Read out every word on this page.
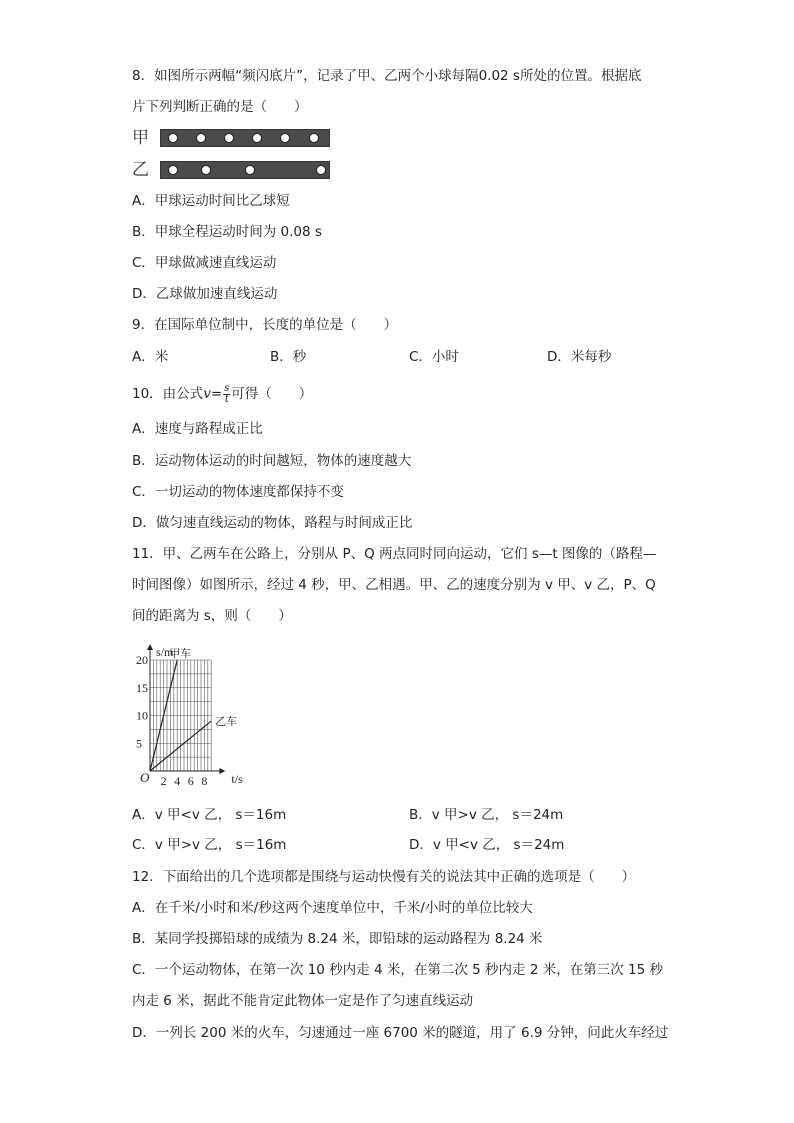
8．如图所示两幅“频闪底片”，记录了甲、乙两个小球每隔0.02 s所处的位置。根据底
片下列判断正确的是（　　）
甲
乙
A．甲球运动时间比乙球短
B．甲球全程运动时间为 0.08 s
C．甲球做减速直线运动
D．乙球做加速直线运动
9．在国际单位制中，长度的单位是（　　）
A．米	B．秒	C．小时	D．米每秒
10．由公式$v= \frac{s}{t}$ 可得（　　）
A．速度与路程成正比
B．运动物体运动的时间越短，物体的速度越大
C．一切运动的物体速度都保持不变
D．做匀速直线运动的物体，路程与时间成正比
11．甲、乙两车在公路上，分别从 P、Q 两点同时同向运动，它们 s—t 图像的（路程—
时间图像）如图所示，经过 4 秒，甲、乙相遇。甲、乙的速度分别为 v 甲、v 乙，P、Q
间的距离为 s，则（　　）
2 4 6 8
5
10
15
20
O	t/s
s/m
甲车
乙车
A．v 甲<v 乙， s＝16m	B．v 甲>v 乙， s＝24m
C．v 甲>v 乙， s＝16m	D．v 甲<v 乙， s＝24m
12．下面给出的几个选项都是围绕与运动快慢有关的说法其中正确的选项是（　　）
A．在千米/小时和米/秒这两个速度单位中，千米/小时的单位比较大
B．某同学投掷铅球的成绩为 8.24 米，即铅球的运动路程为 8.24 米
C．一个运动物体，在第一次 10 秒内走 4 米，在第二次 5 秒内走 2 米，在第三次 15 秒
内走 6 米，据此不能肯定此物体一定是作了匀速直线运动
D．一列长 200 米的火车，匀速通过一座 6700 米的隧道，用了 6.9 分钟，问此火车经过
